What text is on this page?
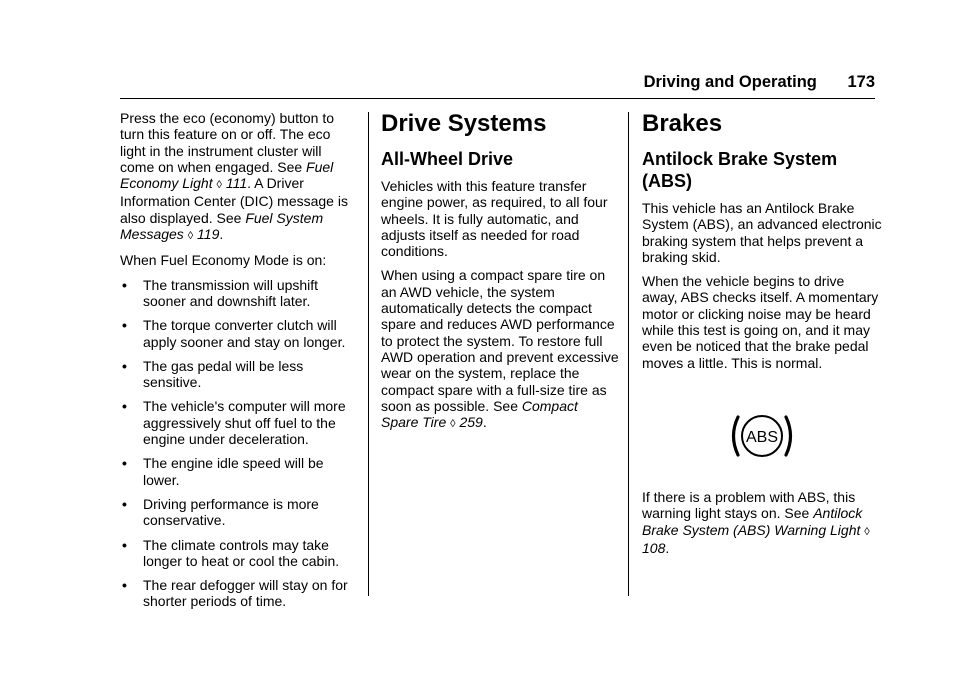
Driving and Operating 173

Press the eco (economy) button to turn this feature on or off. The eco light in the instrument cluster will come on when engaged. See Fuel Economy Light ◊ 111. A Driver Information Center (DIC) message is also displayed. See Fuel System Messages ◊ 119.

When Fuel Economy Mode is on:

• The transmission will upshift sooner and downshift later.
• The torque converter clutch will apply sooner and stay on longer.
• The gas pedal will be less sensitive.
• The vehicle's computer will more aggressively shut off fuel to the engine under deceleration.
• The engine idle speed will be lower.
• Driving performance is more conservative.
• The climate controls may take longer to heat or cool the cabin.
• The rear defogger will stay on for shorter periods of time.
Drive Systems
All-Wheel Drive

Vehicles with this feature transfer engine power, as required, to all four wheels. It is fully automatic, and adjusts itself as needed for road conditions.

When using a compact spare tire on an AWD vehicle, the system automatically detects the compact spare and reduces AWD performance to protect the system. To restore full AWD operation and prevent excessive wear on the system, replace the compact spare with a full-size tire as soon as possible. See Compact Spare Tire ◊ 259.

Brakes
Antilock Brake System (ABS)

This vehicle has an Antilock Brake System (ABS), an advanced electronic braking system that helps prevent a braking skid.

When the vehicle begins to drive away, ABS checks itself. A momentary motor or clicking noise may be heard while this test is going on, and it may even be noticed that the brake pedal moves a little. This is normal.

ABS

If there is a problem with ABS, this warning light stays on. See Antilock Brake System (ABS) Warning Light ◊ 108.
